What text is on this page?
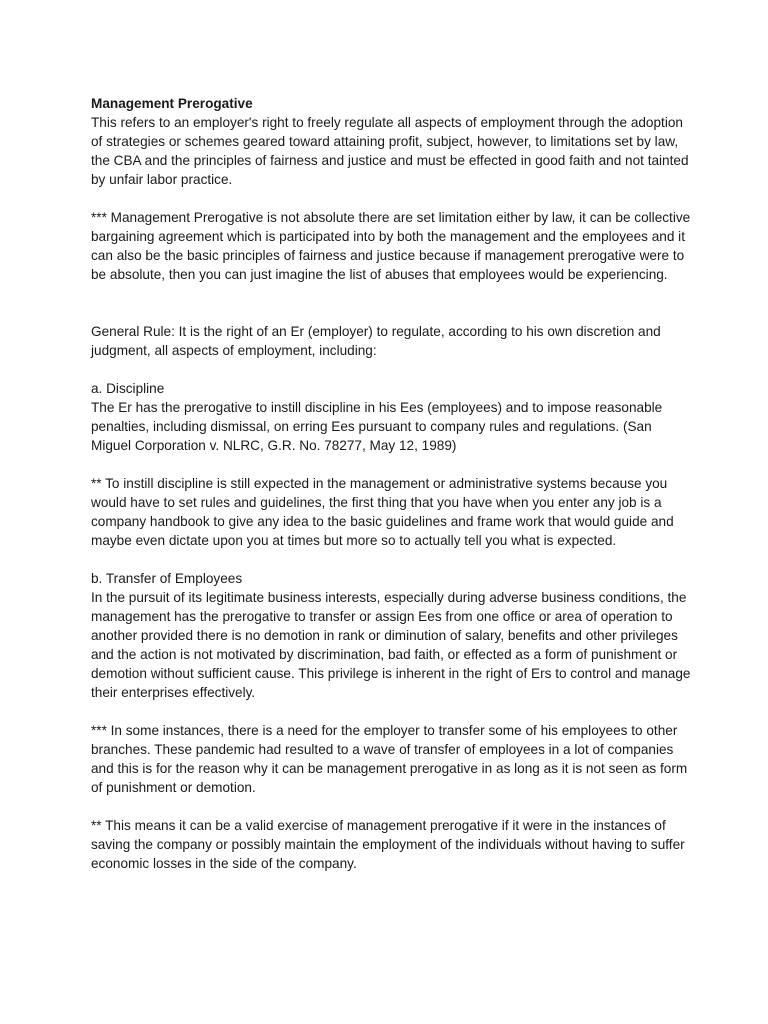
Management Prerogative

This refers to an employer's right to freely regulate all aspects of employment through the adoption of strategies or schemes geared toward attaining profit, subject, however, to limitations set by law, the CBA and the principles of fairness and justice and must be effected in good faith and not tainted by unfair labor practice.

*** Management Prerogative is not absolute there are set limitation either by law, it can be collective bargaining agreement which is participated into by both the management and the employees and it can also be the basic principles of fairness and justice because if management prerogative were to be absolute, then you can just imagine the list of abuses that employees would be experiencing.

General Rule: It is the right of an Er (employer) to regulate, according to his own discretion and judgment, all aspects of employment, including:

a. Discipline

The Er has the prerogative to instill discipline in his Ees (employees) and to impose reasonable penalties, including dismissal, on erring Ees pursuant to company rules and regulations. (San Miguel Corporation v. NLRC, G.R. No. 78277, May 12, 1989)

** To instill discipline is still expected in the management or administrative systems because you would have to set rules and guidelines, the first thing that you have when you enter any job is a company handbook to give any idea to the basic guidelines and frame work that would guide and maybe even dictate upon you at times but more so to actually tell you what is expected.

b. Transfer of Employees

In the pursuit of its legitimate business interests, especially during adverse business conditions, the management has the prerogative to transfer or assign Ees from one office or area of operation to another provided there is no demotion in rank or diminution of salary, benefits and other privileges and the action is not motivated by discrimination, bad faith, or effected as a form of punishment or demotion without sufficient cause. This privilege is inherent in the right of Ers to control and manage their enterprises effectively.

*** In some instances, there is a need for the employer to transfer some of his employees to other branches. These pandemic had resulted to a wave of transfer of employees in a lot of companies and this is for the reason why it can be management prerogative in as long as it is not seen as form of punishment or demotion.

** This means it can be a valid exercise of management prerogative if it were in the instances of saving the company or possibly maintain the employment of the individuals without having to suffer economic losses in the side of the company.
